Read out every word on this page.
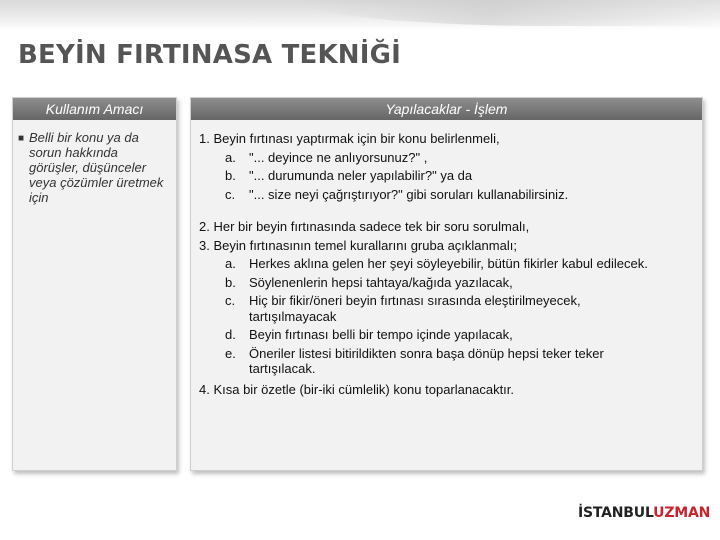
BEYİN FIRTINASA TEKNİĞİ
Kullanım Amacı
■ Belli bir konu ya da sorun hakkında görüşler, düşünceler veya çözümler üretmek için
Yapılacaklar - İşlem
1. Beyin fırtınası yaptırmak için bir konu belirlenmeli,
a. "... deyince ne anlıyorsunuz?" ,
b. "... durumunda neler yapılabilir?" ya da
c. "... size neyi çağrıştırıyor?" gibi soruları kullanabilirsiniz.
2. Her bir beyin fırtınasında sadece tek bir soru sorulmalı,
3. Beyin fırtınasının temel kurallarını gruba açıklanmalı;
a. Herkes aklına gelen her şeyi söyleyebilir, bütün fikirler kabul edilecek.
b. Söylenenlerin hepsi tahtaya/kağıda yazılacak,
c. Hiç bir fikir/öneri beyin fırtınası sırasında eleştirilmeyecek, tartışılmayacak
d. Beyin fırtınası belli bir tempo içinde yapılacak,
e. Öneriler listesi bitirildikten sonra başa dönüp hepsi teker teker tartışılacak.
4. Kısa bir özetle (bir-iki cümlelik) konu toparlanacaktır.
İSTANBULUZMAN
